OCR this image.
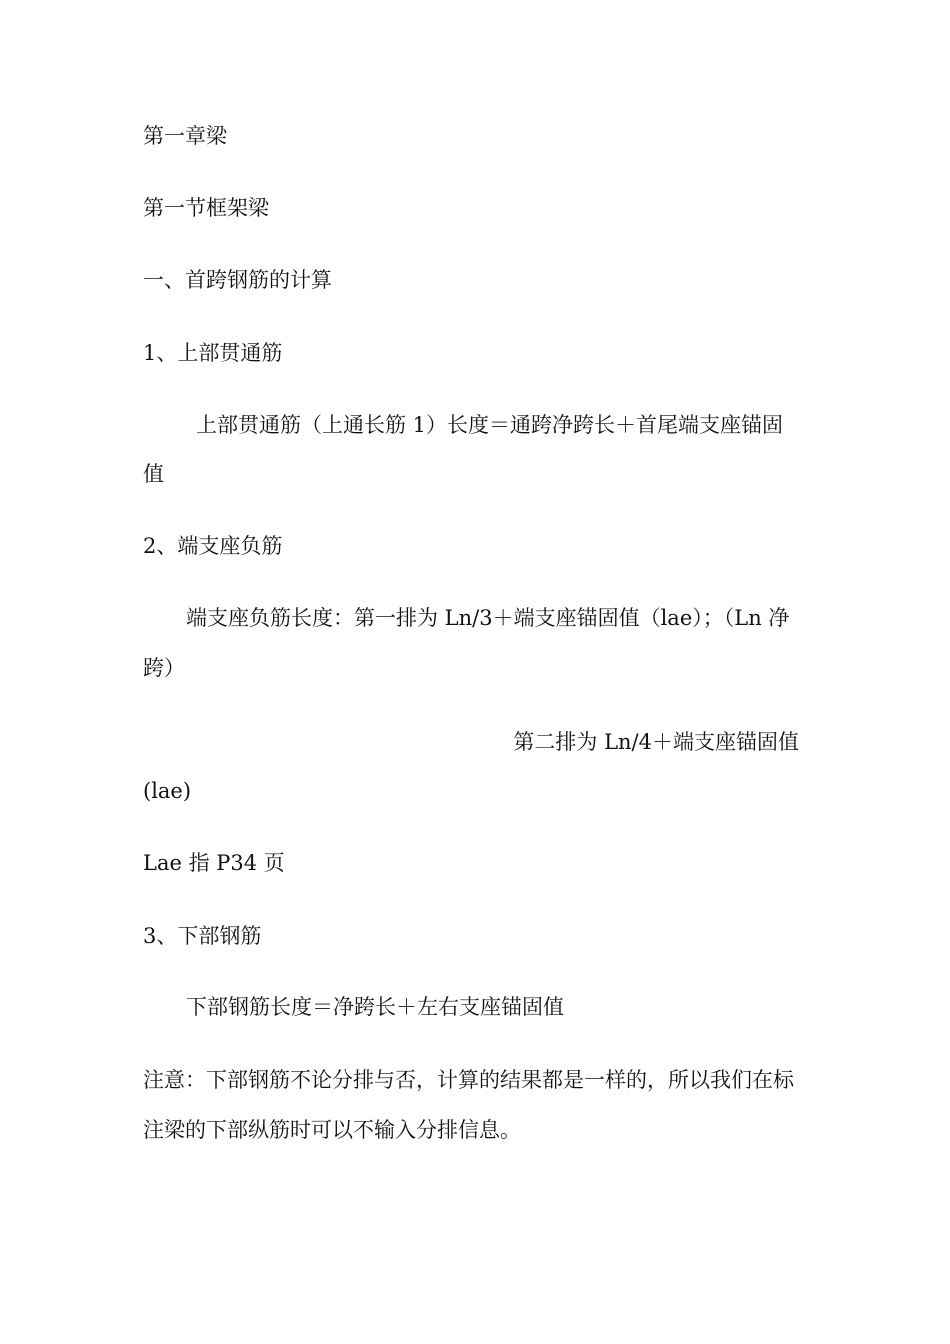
第一章梁
第一节框架梁
一、首跨钢筋的计算
1、上部贯通筋
上部贯通筋（上通长筋 1）长度＝通跨净跨长＋首尾端支座锚固
值
2、端支座负筋
端支座负筋长度：第一排为 Ln/3＋端支座锚固值（lae）；（Ln 净
跨）
第二排为 Ln/4＋端支座锚固值
(lae)
Lae 指 P34 页
3、下部钢筋
下部钢筋长度＝净跨长＋左右支座锚固值
注意：下部钢筋不论分排与否，计算的结果都是一样的，所以我们在标
注梁的下部纵筋时可以不输入分排信息。
